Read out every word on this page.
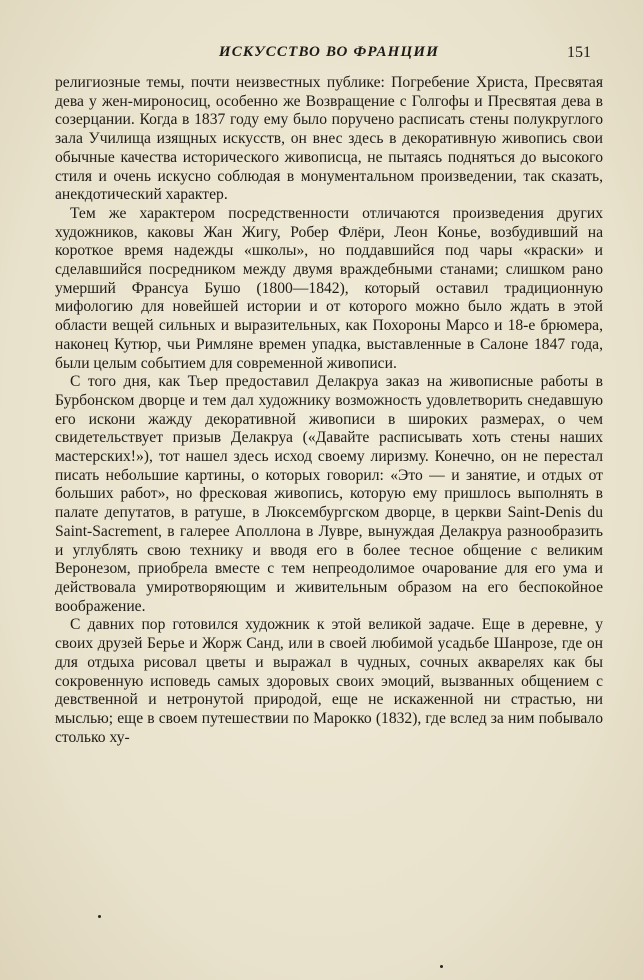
ИСКУССТВО ВО ФРАНЦИИ	151

религиозные темы, почти неизвестных публике: Погребение Христа, Пресвятая дева у жен-мироносиц, особенно же Возвращение с Голгофы и Пресвятая дева в созерцании. Когда в 1837 году ему было поручено расписать стены полукруглого зала Училища изящных искусств, он внес здесь в декоративную живопись свои обычные качества исторического живописца, не пытаясь подняться до высокого стиля и очень искусно соблюдая в монументальном произведении, так сказать, анекдотический характер.

Тем же характером посредственности отличаются произведения других художников, каковы Жан Жигу, Робер Флёри, Леон Конье, возбудивший на короткое время надежды «школы», но поддавшийся под чары «краски» и сделавшийся посредником между двумя враждебными станами; слишком рано умерший Франсуа Бушо (1800—1842), который оставил традиционную мифологию для новейшей истории и от которого можно было ждать в этой области вещей сильных и выразительных, как Похороны Марсо и 18-е брюмера, наконец Кутюр, чьи Римляне времен упадка, выставленные в Салоне 1847 года, были целым событием для современной живописи.

С того дня, как Тьер предоставил Делакруа заказ на живописные работы в Бурбонском дворце и тем дал художнику возможность удовлетворить снедавшую его искони жажду декоративной живописи в широких размерах, о чем свидетельствует призыв Делакруа («Давайте расписывать хоть стены наших мастерских!»), тот нашел здесь исход своему лиризму. Конечно, он не перестал писать небольшие картины, о которых говорил: «Это — и занятие, и отдых от больших работ», но фресковая живопись, которую ему пришлось выполнять в палате депутатов, в ратуше, в Люксембургском дворце, в церкви Saint-Denis du Saint-Sacrement, в галерее Аполлона в Лувре, вынуждая Делакруа разнообразить и углублять свою технику и вводя его в более тесное общение с великим Веронезом, приобрела вместе с тем непреодолимое очарование для его ума и действовала умиротворяющим и живительным образом на его беспокойное воображение.

С давних пор готовился художник к этой великой задаче. Еще в деревне, у своих друзей Берье и Жорж Санд, или в своей любимой усадьбе Шанрозе, где он для отдыха рисовал цветы и выражал в чудных, сочных акварелях как бы сокровенную исповедь самых здоровых своих эмоций, вызванных общением с девственной и нетронутой природой, еще не искаженной ни страстью, ни мыслью; еще в своем путешествии по Марокко (1832), где вслед за ним побывало столько ху-
